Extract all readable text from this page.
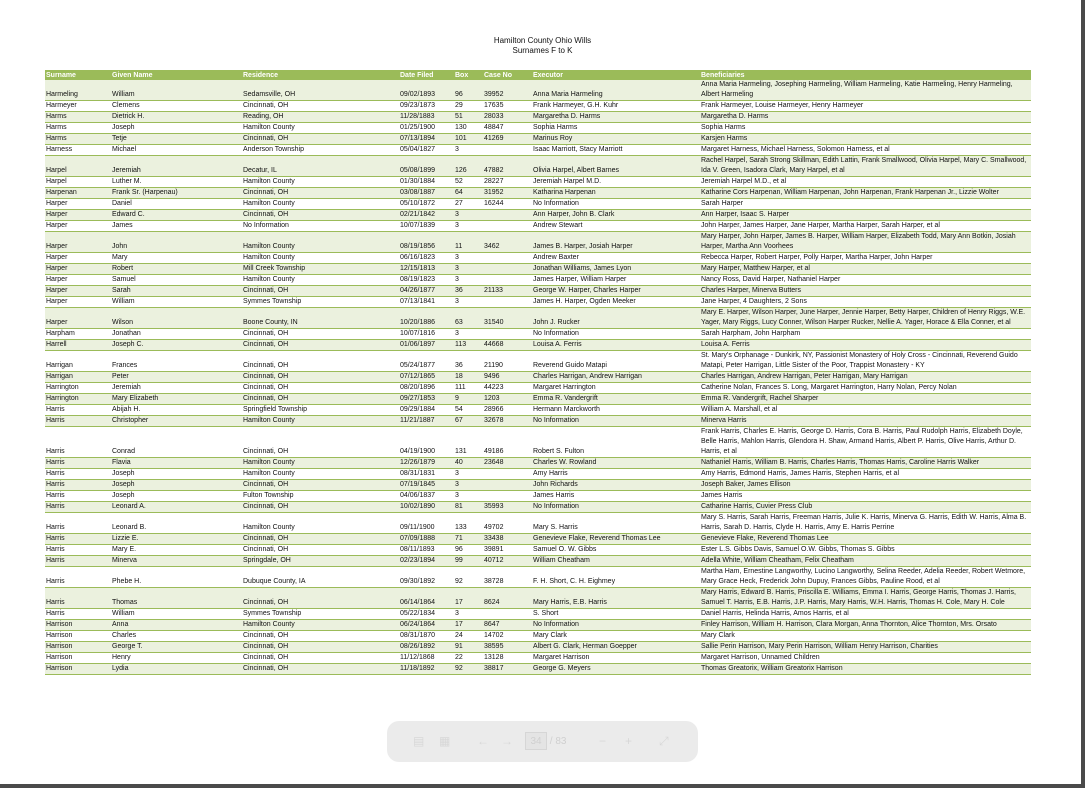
Hamilton County Ohio Wills
Surnames F to K
Surname	Given Name	Residence	Date Filed	Box	Case No	Executor	Beneficiaries
Harmeling	William	Sedamsville, OH	09/02/1893	96	39952	Anna Maria Harmeling	Anna Maria Harmeling, Josephing Harmeling, William Harmeling, Katie Harmeling, Henry Harmeling, Albert Harmeling
Harmeyer	Clemens	Cincinnati, OH	09/23/1873	29	17635	Frank Harmeyer, G.H. Kuhr	Frank Harmeyer, Louise Harmeyer, Henry Harmeyer
Harms	Dietrick H.	Reading, OH	11/28/1883	51	28033	Margaretha D. Harms	Margaretha D. Harms
Harms	Joseph	Hamilton County	01/25/1900	130	48847	Sophia Harms	Sophia Harms
Harms	Tetje	Cincinnati, OH	07/13/1894	101	41269	Marinus Roy	Karsjen Harms
Harness	Michael	Anderson Township	05/04/1827	3		Isaac Marriott, Stacy Marriott	Margaret Harness, Michael Harness, Solomon Harness, et al
Harpel	Jeremiah	Decatur, IL	05/08/1899	126	47882	Olivia Harpel, Albert Barnes	Rachel Harpel, Sarah Strong Skillman, Edith Lattin, Frank Smallwood, Olivia Harpel, Mary C. Smallwood, Ida V. Green, Isadora Clark, Mary Harpel, et al
Harpel	Luther M.	Hamilton County	01/30/1884	52	28227	Jeremiah Harpel M.D.	Jeremiah Harpel M.D., et al
Harpenan	Frank Sr. (Harpenau)	Cincinnati, OH	03/08/1887	64	31952	Katharina Harpenan	Katharine Cors Harpenan, William Harpenan, John Harpenan, Frank Harpenan Jr., Lizzie Wolter
Harper	Daniel	Hamilton County	05/10/1872	27	16244	No Information	Sarah Harper
Harper	Edward C.	Cincinnati, OH	02/21/1842	3		Ann Harper, John B. Clark	Ann Harper, Isaac S. Harper
Harper	James	No Information	10/07/1839	3		Andrew Stewart	John Harper, James Harper, Jane Harper, Martha Harper, Sarah Harper, et al
Harper	John	Hamilton County	08/19/1856	11	3462	James B. Harper, Josiah Harper	Mary Harper, John Harper, James B. Harper, William Harper, Elizabeth Todd, Mary Ann Botkin, Josiah Harper, Martha Ann Voorhees
Harper	Mary	Hamilton County	06/16/1823	3		Andrew Baxter	Rebecca Harper, Robert Harper, Polly Harper, Martha Harper, John Harper
Harper	Robert	Mill Creek Township	12/15/1813	3		Jonathan Williams, James Lyon	Mary Harper, Matthew Harper, et al
Harper	Samuel	Hamilton County	08/19/1823	3		James Harper, William Harper	Nancy Ross, David Harper, Nathaniel Harper
Harper	Sarah	Cincinnati, OH	04/26/1877	36	21133	George W. Harper, Charles Harper	Charles Harper, Minerva Butters
Harper	William	Symmes Township	07/13/1841	3		James H. Harper, Ogden Meeker	Jane Harper, 4 Daughters, 2 Sons
Harper	Wilson	Boone County, IN	10/20/1886	63	31540	John J. Rucker	Mary E. Harper, Wilson Harper, June Harper, Jennie Harper, Betty Harper, Children of Henry Riggs, W.E. Yager, Mary Riggs, Lucy Conner, Wilson Harper Rucker, Nellie A. Yager, Horace & Ella Conner, et al
Harpham	Jonathan	Cincinnati, OH	10/07/1816	3		No Information	Sarah Harpham, John Harpham
Harrell	Joseph C.	Cincinnati, OH	01/06/1897	113	44668	Louisa A. Ferris	Louisa A. Ferris
Harrigan	Frances	Cincinnati, OH	05/24/1877	36	21190	Reverend Guido Matapi	St. Mary's Orphanage - Dunkirk, NY, Passionist Monastery of Holy Cross - Cincinnati, Reverend Guido Matapi, Peter Harrigan, Little Sister of the Poor, Trappist Monastery - KY
Harrigan	Peter	Cincinnati, OH	07/12/1865	18	9496	Charles Harrigan, Andrew Harrigan	Charles Harrigan, Andrew Harrigan, Peter Harrigan, Mary Harrigan
Harrington	Jeremiah	Cincinnati, OH	08/20/1896	111	44223	Margaret Harrington	Catherine Nolan, Frances S. Long, Margaret Harrington, Harry Nolan, Percy Nolan
Harrington	Mary Elizabeth	Cincinnati, OH	09/27/1853	9	1203	Emma R. Vandergrift	Emma R. Vandergrift, Rachel Sharper
Harris	Abijah H.	Springfield Township	09/29/1884	54	28966	Hermann Marckworth	William A. Marshall, et al
Harris	Christopher	Hamilton County	11/21/1887	67	32678	No Information	Minerva Harris
Harris	Conrad	Cincinnati, OH	04/19/1900	131	49186	Robert S. Fulton	Frank Harris, Charles E. Harris, George D. Harris, Cora B. Harris, Paul Rudolph Harris, Elizabeth Doyle, Belle Harris, Mahlon Harris, Glendora H. Shaw, Armand Harris, Albert P. Harris, Olive Harris, Arthur D. Harris, et al
Harris	Flavia	Hamilton County	12/26/1879	40	23648	Charles W. Rowland	Nathaniel Harris, William B. Harris, Charles Harris, Thomas Harris, Caroline Harris Walker
Harris	Joseph	Hamilton County	08/31/1831	3		Amy Harris	Amy Harris, Edmond Harris, James Harris, Stephen Harris, et al
Harris	Joseph	Cincinnati, OH	07/19/1845	3		John Richards	Joseph Baker, James Ellison
Harris	Joseph	Fulton Township	04/06/1837	3		James Harris	James Harris
Harris	Leonard A.	Cincinnati, OH	10/02/1890	81	35993	No Information	Catharine Harris, Cuvier Press Club
Harris	Leonard B.	Hamilton County	09/11/1900	133	49702	Mary S. Harris	Mary S. Harris, Sarah Harris, Freeman Harris, Julie K. Harris, Minerva G. Harris, Edith W. Harris, Alma B. Harris, Sarah D. Harris, Clyde H. Harris, Amy E. Harris Perrine
Harris	Lizzie E.	Cincinnati, OH	07/09/1888	71	33438	Genevieve Flake, Reverend Thomas Lee	Genevieve Flake, Reverend Thomas Lee
Harris	Mary E.	Cincinnati, OH	08/11/1893	96	39891	Samuel O. W. Gibbs	Ester L.S. Gibbs Davis, Samuel O.W. Gibbs, Thomas S. Gibbs
Harris	Minerva	Springdale, OH	02/23/1894	99	40712	William Cheatham	Adella White, William Cheatham, Felix Cheatham
Harris	Phebe H.	Dubuque County, IA	09/30/1892	92	38728	F. H. Short, C. H. Eighmey	Martha Ham, Ernestine Langworthy, Lucino Langworthy, Selina Reeder, Adelia Reeder, Robert Wetmore, Mary Grace Heck, Frederick John Dupuy, Frances Gibbs, Pauline Rood, et al
Harris	Thomas	Cincinnati, OH	06/14/1864	17	8624	Mary Harris, E.B. Harris	Mary Harris, Edward B. Harris, Priscilla E. Williams, Emma I. Harris, George Harris, Thomas J. Harris, Samuel T. Harris, E.B. Harris, J.P. Harris, Mary Harris, W.H. Harris, Thomas H. Cole, Mary H. Cole
Harris	William	Symmes Township	05/22/1834	3		S. Short	Daniel Harris, Helinda Harris, Amos Harris, et al
Harrison	Anna	Hamilton County	06/24/1864	17	8647	No Information	Finley Harrison, William H. Harrison, Clara Morgan, Anna Thornton, Alice Thornton, Mrs. Orsato
Harrison	Charles	Cincinnati, OH	08/31/1870	24	14702	Mary Clark	Mary Clark
Harrison	George T.	Cincinnati, OH	08/26/1892	91	38595	Albert G. Clark, Herman Goepper	Sallie Perin Harrison, Mary Perin Harrison, William Henry Harrison, Charities
Harrison	Henry	Cincinnati, OH	11/12/1868	22	13128	Margaret Harrison	Margaret Harrison, Unnamed Children
Harrison	Lydia	Cincinnati, OH	11/18/1892	92	38817	George G. Meyers	Thomas Greatorix, William Greatorix Harrison
▤ ▦ ← →	34 / 83	− + ⤢
